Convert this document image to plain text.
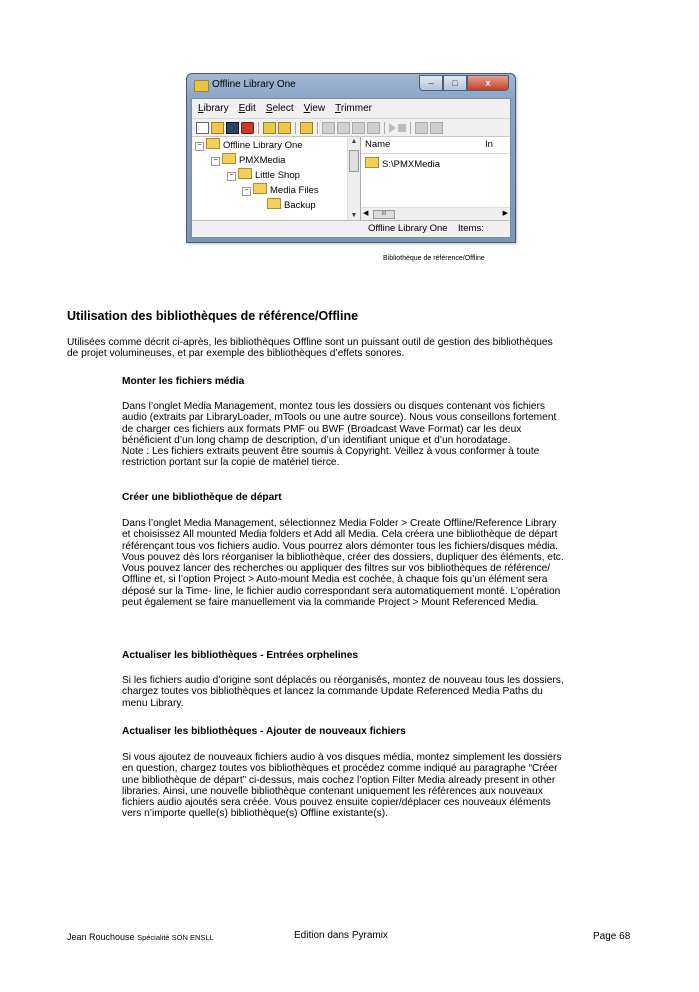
Offline Library One	–	□	x
Library Edit Select View Trimmer
− Offline Library One
− PMXMedia
− Little Shop
− Media Files
Backup
▲
▼
Name	In
S:\PMXMedia
◀	III	▶
Offline Library One Items:
Bibliothèque de référence/Offline
Utilisation des bibliothèques de référence/Offline

Utilisées comme décrit ci-après, les bibliothèques Offline sont un puissant outil de gestion des bibliothèques
de projet volumineuses, et par exemple des bibliothèques d’effets sonores.

Monter les fichiers média

Dans l’onglet Media Management, montez tous les dossiers ou disques contenant vos fichiers
audio (extraits par LibraryLoader, mTools ou une autre source). Nous vous conseillons fortement
de charger ces fichiers aux formats PMF ou BWF (Broadcast Wave Format) car les deux
bénéficient d’un long champ de description, d’un identifiant unique et d’un horodatage.
Note : Les fichiers extraits peuvent être soumis à Copyright. Veillez à vous conformer à toute
restriction portant sur la copie de matériel tierce.

Créer une bibliothèque de départ

Dans l’onglet Media Management, sélectionnez Media Folder > Create Offline/Reference Library
et choisissez All mounted Media folders et Add all Media. Cela créera une bibliothèque de départ
référençant tous vos fichiers audio. Vous pourrez alors démonter tous les fichiers/disques média.
Vous pouvez dès lors réorganiser la bibliothèque, créer des dossiers, dupliquer des éléments, etc.
Vous pouvez lancer des recherches ou appliquer des filtres sur vos bibliothèques de référence/
Offline et, si l’option Project > Auto-mount Media est cochée, à chaque fois qu’un élément sera
déposé sur la Time- line, le fichier audio correspondant sera automatiquement monté. L’opération
peut également se faire manuellement via la commande Project > Mount Referenced Media.

Actualiser les bibliothèques - Entrées orphelines

Si les fichiers audio d’origine sont déplacés ou réorganisés, montez de nouveau tous les dossiers,
chargez toutes vos bibliothèques et lancez la commande Update Referenced Media Paths du
menu Library.

Actualiser les bibliothèques - Ajouter de nouveaux fichiers

Si vous ajoutez de nouveaux fichiers audio à vos disques média, montez simplement les dossiers
en question, chargez toutes vos bibliothèques et procédez comme indiqué au paragraphe “Créer
une bibliothèque de départ” ci-dessus, mais cochez l’option Filter Media already present in other
libraries. Ainsi, une nouvelle bibliothèque contenant uniquement les références aux nouveaux
fichiers audio ajoutés sera créée. Vous pouvez ensuite copier/déplacer ces nouveaux éléments
vers n’importe quelle(s) bibliothèque(s) Offline existante(s).

Jean Rouchouse Spécialité SON ENSLL	Edition dans Pyramix	Page 68
